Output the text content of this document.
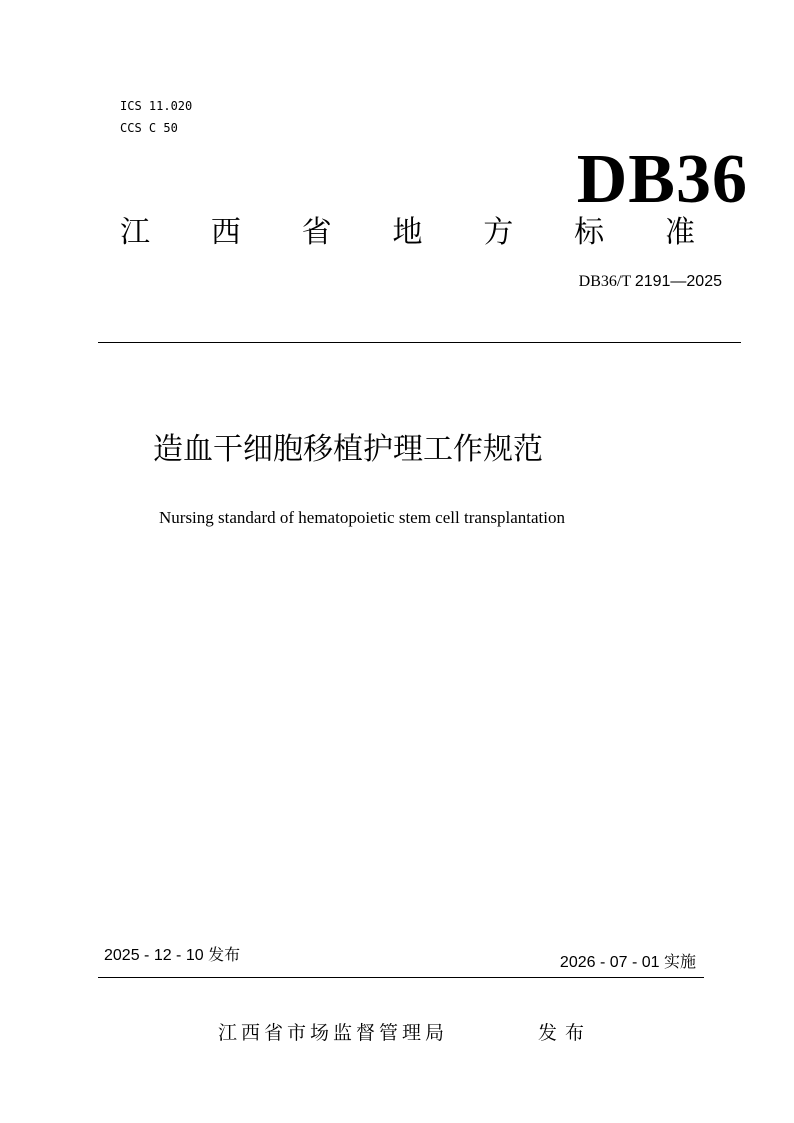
ICS 11.020
CCS C 50
DB36
江 西 省 地 方 标 准
DB36/T 2191—2025
造血干细胞移植护理工作规范
Nursing standard of hematopoietic stem cell transplantation
2025 - 12 - 10 发布	2026 - 07 - 01 实施
江西省市场监督管理局	发布
